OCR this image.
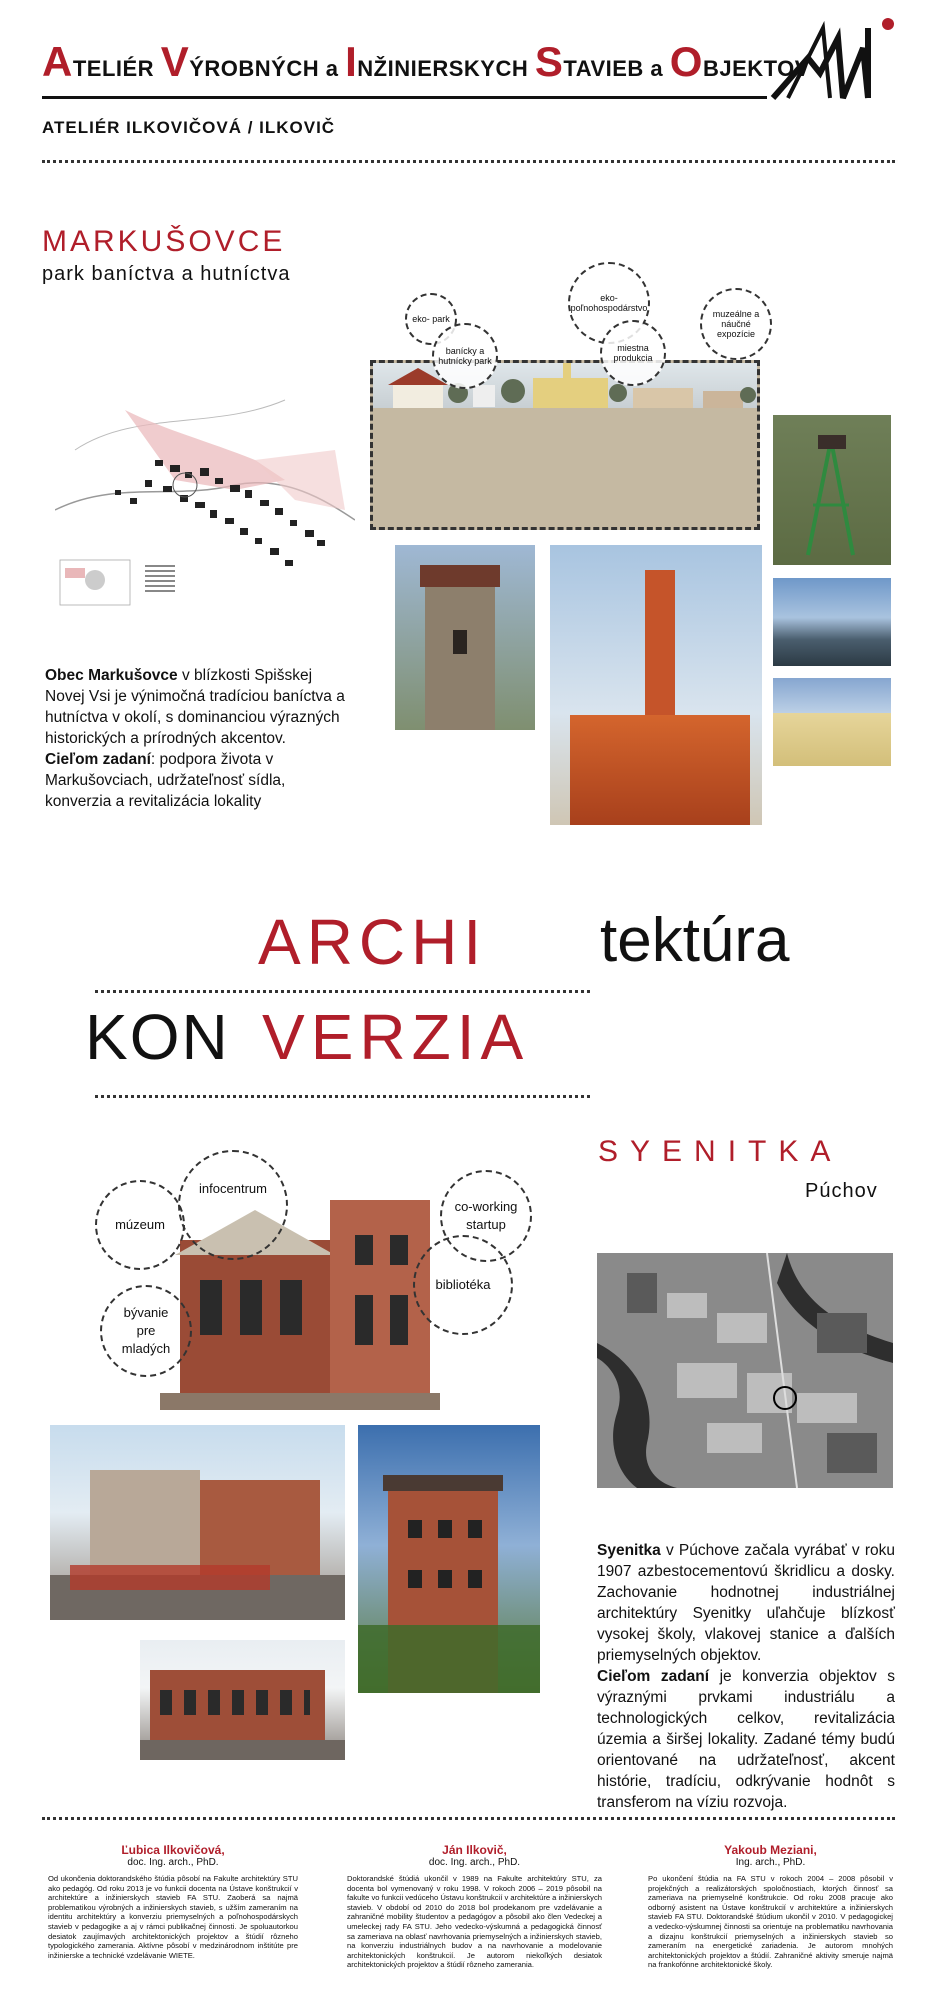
ATELIÉR VÝROBNÝCH a INŽINIERSKYCH STAVIEB a OBJEKTOV
ATELIÉR ILKOVIČOVÁ / ILKOVIČ
MARKUŠOVCE
park baníctva a hutníctva
eko- park
banícky a hutnícky park
eko-poľnohospodárstvo
miestna produkcia
muzeálne a náučné expozície
Obec Markušovce v blízkosti Spišskej Novej Vsi je výnimočná tradíciou baníctva a hutníctva v okolí, s dominanciou výrazných historických a prírodných akcentov.
Cieľom zadaní: podpora života v Markušovciach, udržateľnosť sídla, konverzia a revitalizácia lokality
ARCHI tektúra
KON VERZIA
SYENITKA
Púchov
múzeum
infocentrum
co-working startup
bibliotéka
bývanie pre mladých
Syenitka v Púchove začala vyrábať v roku 1907 azbestocementovú škridlicu a dosky. Zachovanie hodnotnej industriálnej architektúry Syenitky uľahčuje blízkosť vysokej školy, vlakovej stanice a ďalších priemyselných objektov.
Cieľom zadaní je konverzia objektov s výraznými prvkami industriálu a technologických celkov, revitalizácia územia a širšej lokality. Zadané témy budú orientované na udržateľnosť, akcent histórie, tradíciu, odkrývanie hodnôt s transferom na víziu rozvoja.
Ľubica Ilkovičová,
doc. Ing. arch., PhD.

Od ukončenia doktorandského štúdia pôsobí na Fakulte architektúry STU ako pedagóg. Od roku 2013 je vo funkcii docenta na Ústave konštrukcií v architektúre a inžinierskych stavieb FA STU. Zaoberá sa najmä problematikou výrobných a inžinierskych stavieb, s užším zameraním na identitu architektúry a konverziu priemyselných a poľnohospodárskych stavieb v pedagogike a aj v rámci publikačnej činnosti. Je spoluautorkou desiatok zaujímavých architektonických projektov a štúdií rôzneho typologického zamerania. Aktívne pôsobí v medzinárodnom inštitúte pre inžinierske a technické vzdelávanie WIETE.

Ján Ilkovič,
doc. Ing. arch., PhD.

Doktorandské štúdiá ukončil v 1989 na Fakulte architektúry STU, za docenta bol vymenovaný v roku 1998. V rokoch 2006 – 2019 pôsobil na fakulte vo funkcii vedúceho Ústavu konštrukcií v architektúre a inžinierskych stavieb. V období od 2010 do 2018 bol prodekanom pre vzdelávanie a zahraničné mobility študentov a pedagógov a pôsobil ako člen Vedeckej a umeleckej rady FA STU. Jeho vedecko-výskumná a pedagogická činnosť sa zameriava na oblasť navrhovania priemyselných a inžinierskych stavieb, na konverziu industriálnych budov a na navrhovanie a modelovanie architektonických konštrukcií. Je autorom niekoľkých desiatok architektonických projektov a štúdií rôzneho zamerania.

Yakoub Meziani,
Ing. arch., PhD.

Po ukončení štúdia na FA STU v rokoch 2004 – 2008 pôsobil v projekčných a realizátorských spoločnostiach, ktorých činnosť sa zameriava na priemyselné konštrukcie. Od roku 2008 pracuje ako odborný asistent na Ústave konštrukcií v architektúre a inžinierskych stavieb FA STU. Doktorandské štúdium ukončil v 2010. V pedagogickej a vedecko-výskumnej činnosti sa orientuje na problematiku navrhovania a dizajnu konštrukcií priemyselných a inžinierskych stavieb so zameraním na energetické zariadenia. Je autorom mnohých architektonických projektov a štúdií. Zahraničné aktivity smeruje najmä na frankofónne architektonické školy.
